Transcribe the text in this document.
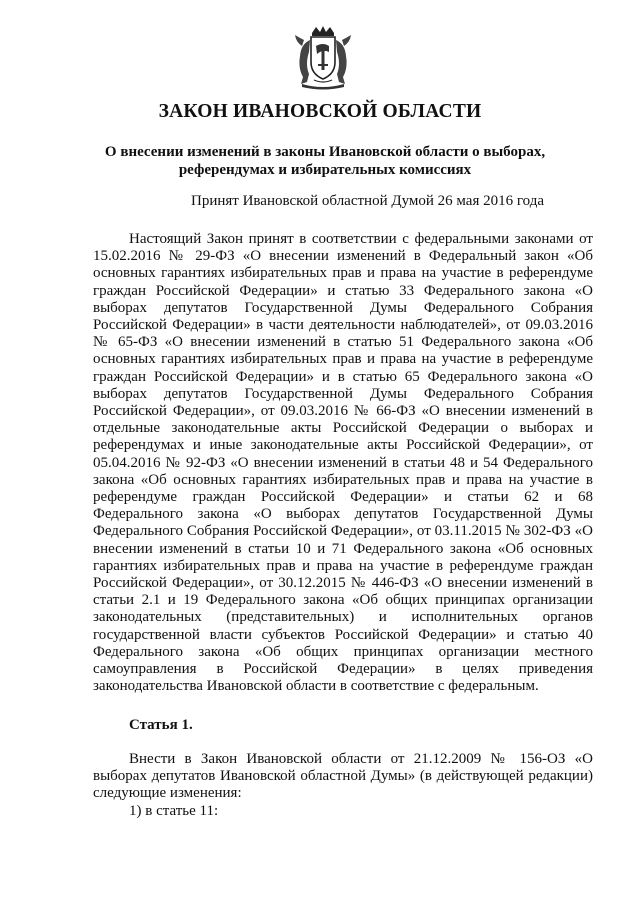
ЗАКОН ИВАНОВСКОЙ ОБЛАСТИ
О внесении изменений в законы Ивановской области о выборах, референдумах и избирательных комиссиях
Принят Ивановской областной Думой 26 мая 2016 года

Настоящий Закон принят в соответствии с федеральными законами от 15.02.2016 № 29-ФЗ «О внесении изменений в Федеральный закон «Об основных гарантиях избирательных прав и права на участие в референдуме граждан Российской Федерации» и статью 33 Федерального закона «О выборах депутатов Государственной Думы Федерального Собрания Российской Федерации» в части деятельности наблюдателей», от 09.03.2016 № 65-ФЗ «О внесении изменений в статью 51 Федерального закона «Об основных гарантиях избирательных прав и права на участие в референдуме граждан Российской Федерации» и в статью 65 Федерального закона «О выборах депутатов Государственной Думы Федерального Собрания Российской Федерации», от 09.03.2016 № 66-ФЗ «О внесении изменений в отдельные законодательные акты Российской Федерации о выборах и референдумах и иные законодательные акты Российской Федерации», от 05.04.2016 № 92-ФЗ «О внесении изменений в статьи 48 и 54 Федерального закона «Об основных гарантиях избирательных прав и права на участие в референдуме граждан Российской Федерации» и статьи 62 и 68 Федерального закона «О выборах депутатов Государственной Думы Федерального Собрания Российской Федерации», от 03.11.2015 № 302-ФЗ «О внесении изменений в статьи 10 и 71 Федерального закона «Об основных гарантиях избирательных прав и права на участие в референдуме граждан Российской Федерации», от 30.12.2015 № 446-ФЗ «О внесении изменений в статьи 2.1 и 19 Федерального закона «Об общих принципах организации законодательных (представительных) и исполнительных органов государственной власти субъектов Российской Федерации» и статью 40 Федерального закона «Об общих принципах организации местного самоуправления в Российской Федерации» в целях приведения законодательства Ивановской области в соответствие с федеральным.

Статья 1.

Внести в Закон Ивановской области от 21.12.2009 № 156-ОЗ «О выборах депутатов Ивановской областной Думы» (в действующей редакции) следующие изменения:

1) в статье 11:
